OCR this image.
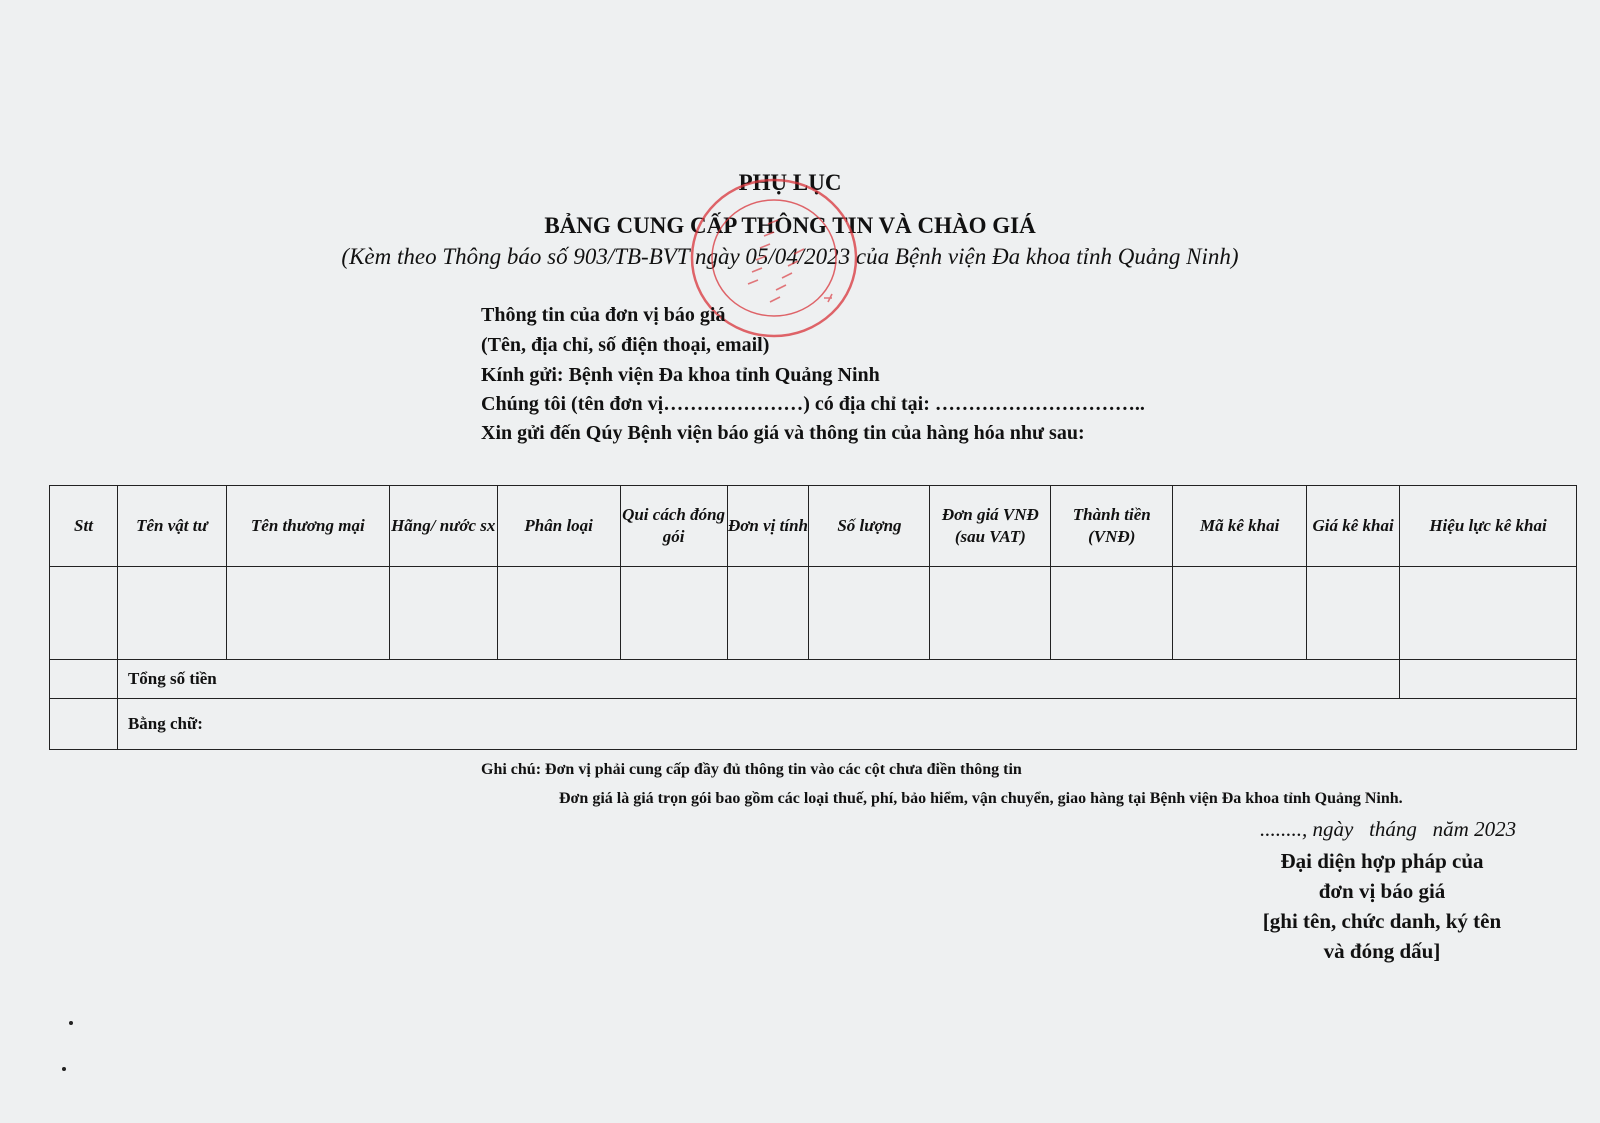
PHỤ LỤC
BẢNG CUNG CẤP THÔNG TIN VÀ CHÀO GIÁ
(Kèm theo Thông báo số 903/TB-BVT ngày 05/04/2023 của Bệnh viện Đa khoa tỉnh Quảng Ninh)
Thông tin của đơn vị báo giá
(Tên, địa chỉ, số điện thoại, email)
Kính gửi: Bệnh viện Đa khoa tỉnh Quảng Ninh
Chúng tôi (tên đơn vị…………………) có địa chỉ tại: …………………………..
Xin gửi đến Qúy Bệnh viện báo giá và thông tin của hàng hóa như sau:
Stt	Tên vật tư	Tên thương mại	Hãng/ nước sx	Phân loại	Qui cách đóng gói	Đơn vị tính	Số lượng	Đơn giá VNĐ (sau VAT)	Thành tiền (VNĐ)	Mã kê khai	Giá kê khai	Hiệu lực kê khai

	Tổng số tiền											
	Bằng chữ:											
Ghi chú: Đơn vị phải cung cấp đầy đủ thông tin vào các cột chưa điền thông tin
Đơn giá là giá trọn gói bao gồm các loại thuế, phí, bảo hiểm, vận chuyển, giao hàng tại Bệnh viện Đa khoa tỉnh Quảng Ninh.
........, ngày   tháng   năm 2023
Đại diện hợp pháp của
đơn vị báo giá
[ghi tên, chức danh, ký tên
và đóng dấu]
